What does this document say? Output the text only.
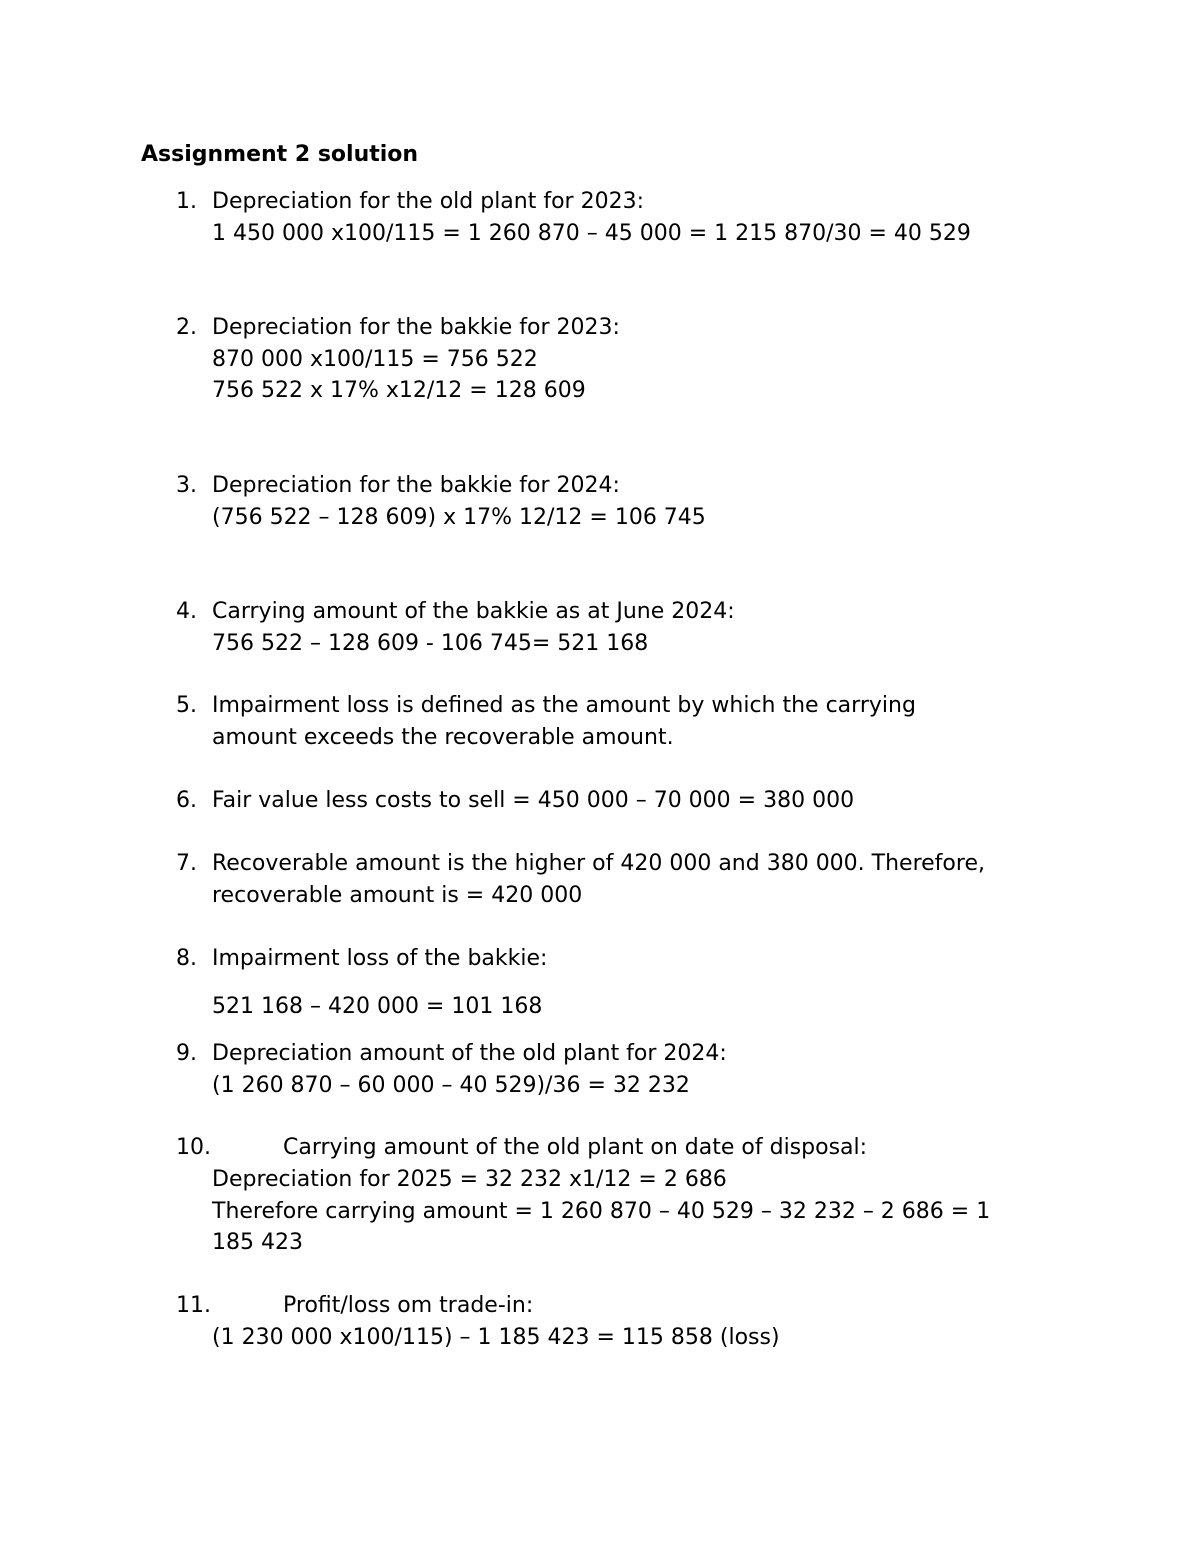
Assignment 2 solution
1. Depreciation for the old plant for 2023:
1 450 000 x100/115 = 1 260 870 – 45 000 = 1 215 870/30 = 40 529
2. Depreciation for the bakkie for 2023:
870 000 x100/115 = 756 522
756 522 x 17% x12/12 = 128 609
3. Depreciation for the bakkie for 2024:
(756 522 – 128 609) x 17% 12/12 = 106 745
4. Carrying amount of the bakkie as at June 2024:
756 522 – 128 609 - 106 745= 521 168
5. Impairment loss is defined as the amount by which the carrying
amount exceeds the recoverable amount.
6. Fair value less costs to sell = 450 000 – 70 000 = 380 000
7. Recoverable amount is the higher of 420 000 and 380 000. Therefore,
recoverable amount is = 420 000
8. Impairment loss of the bakkie:
521 168 – 420 000 = 101 168
9. Depreciation amount of the old plant for 2024:
(1 260 870 – 60 000 – 40 529)/36 = 32 232
10.	Carrying amount of the old plant on date of disposal:
Depreciation for 2025 = 32 232 x1/12 = 2 686
Therefore carrying amount = 1 260 870 – 40 529 – 32 232 – 2 686 = 1
185 423
11.	Profit/loss om trade-in:
(1 230 000 x100/115) – 1 185 423 = 115 858 (loss)
